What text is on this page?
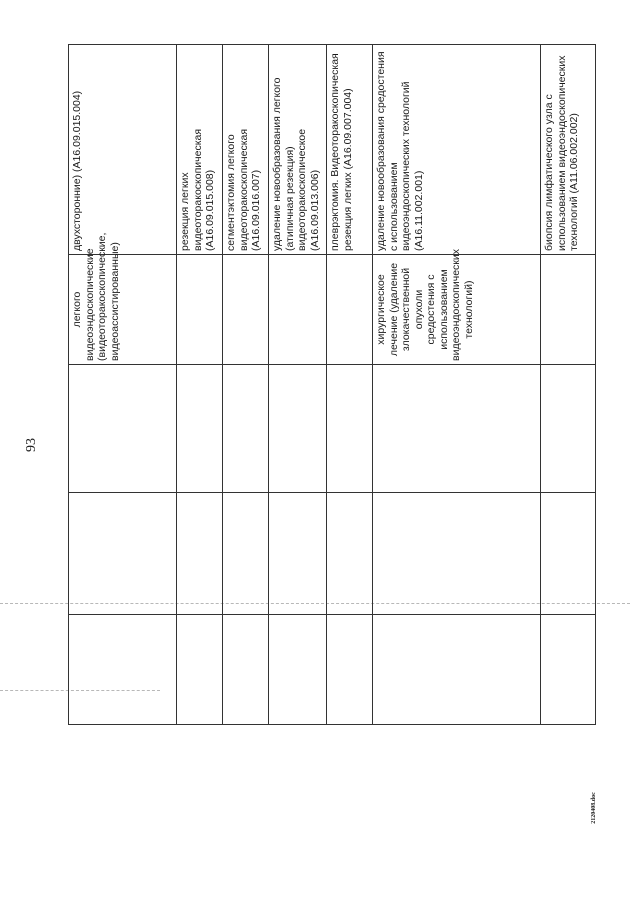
93
2120408.doc
			легкого видеоэндоскопические (видеоторакоскопические, видеоассистированные)	двухсторонние) (А16.09.015.004)
				резекция легких видеоторакоскопическая (А16.09.015.008)
				сегментэктомия легкого видеоторакоскопическая (А16.09.016.007)
				удаление новообразования легкого (атипичная резекция) видеоторакоскопическое (А16.09.013.006)
				плеврэктомия. Видеоторакоскопическая резекция легких (А16.09.007.004)
			хирургическое лечение (удаление злокачественной опухоли средостения с использованием видеоэндоскопических технологий)	удаление новообразования средостения с использованием видеоэндоскопических технологий (А16.11.002.001)
				биопсия лимфатического узла с использованием видеоэндоскопических технологий (А11.06.002.002)
